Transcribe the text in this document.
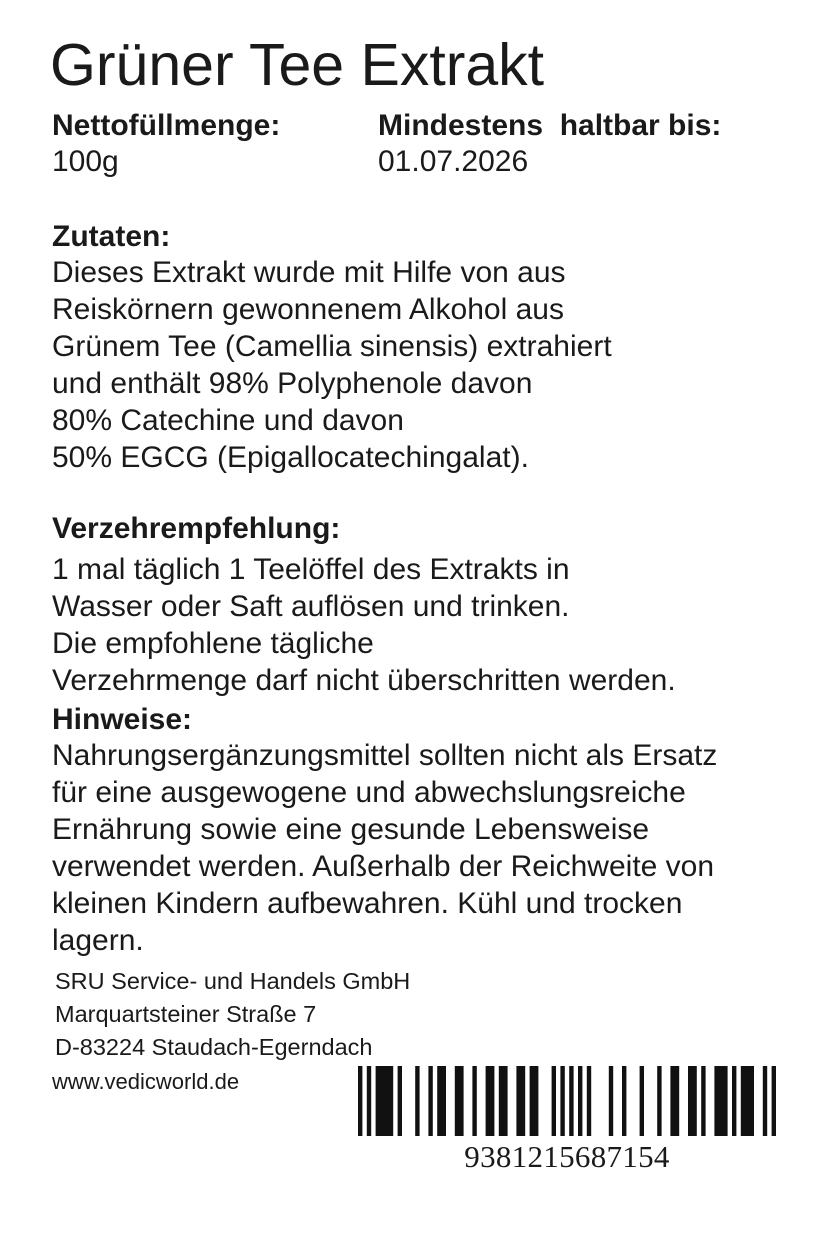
Grüner Tee Extrakt
Nettofüllmenge:
100g
Mindestens  haltbar bis:
01.07.2026
Zutaten:
Dieses Extrakt wurde mit Hilfe von aus
Reiskörnern gewonnenem Alkohol aus
Grünem Tee (Camellia sinensis) extrahiert
und enthält 98% Polyphenole davon
80% Catechine und davon
50% EGCG (Epigallocatechingalat).
Verzehrempfehlung:
1 mal täglich 1 Teelöffel des Extrakts in
Wasser oder Saft auflösen und trinken.
Die empfohlene tägliche
Verzehrmenge darf nicht überschritten werden.
Hinweise:
Nahrungsergänzungsmittel sollten nicht als Ersatz
für eine ausgewogene und abwechslungsreiche
Ernährung sowie eine gesunde Lebensweise
verwendet werden. Außerhalb der Reichweite von
kleinen Kindern aufbewahren. Kühl und trocken
lagern.
SRU Service- und Handels GmbH
Marquartsteiner Straße 7
D-83224 Staudach-Egerndach
www.vedicworld.de
9381215687154
